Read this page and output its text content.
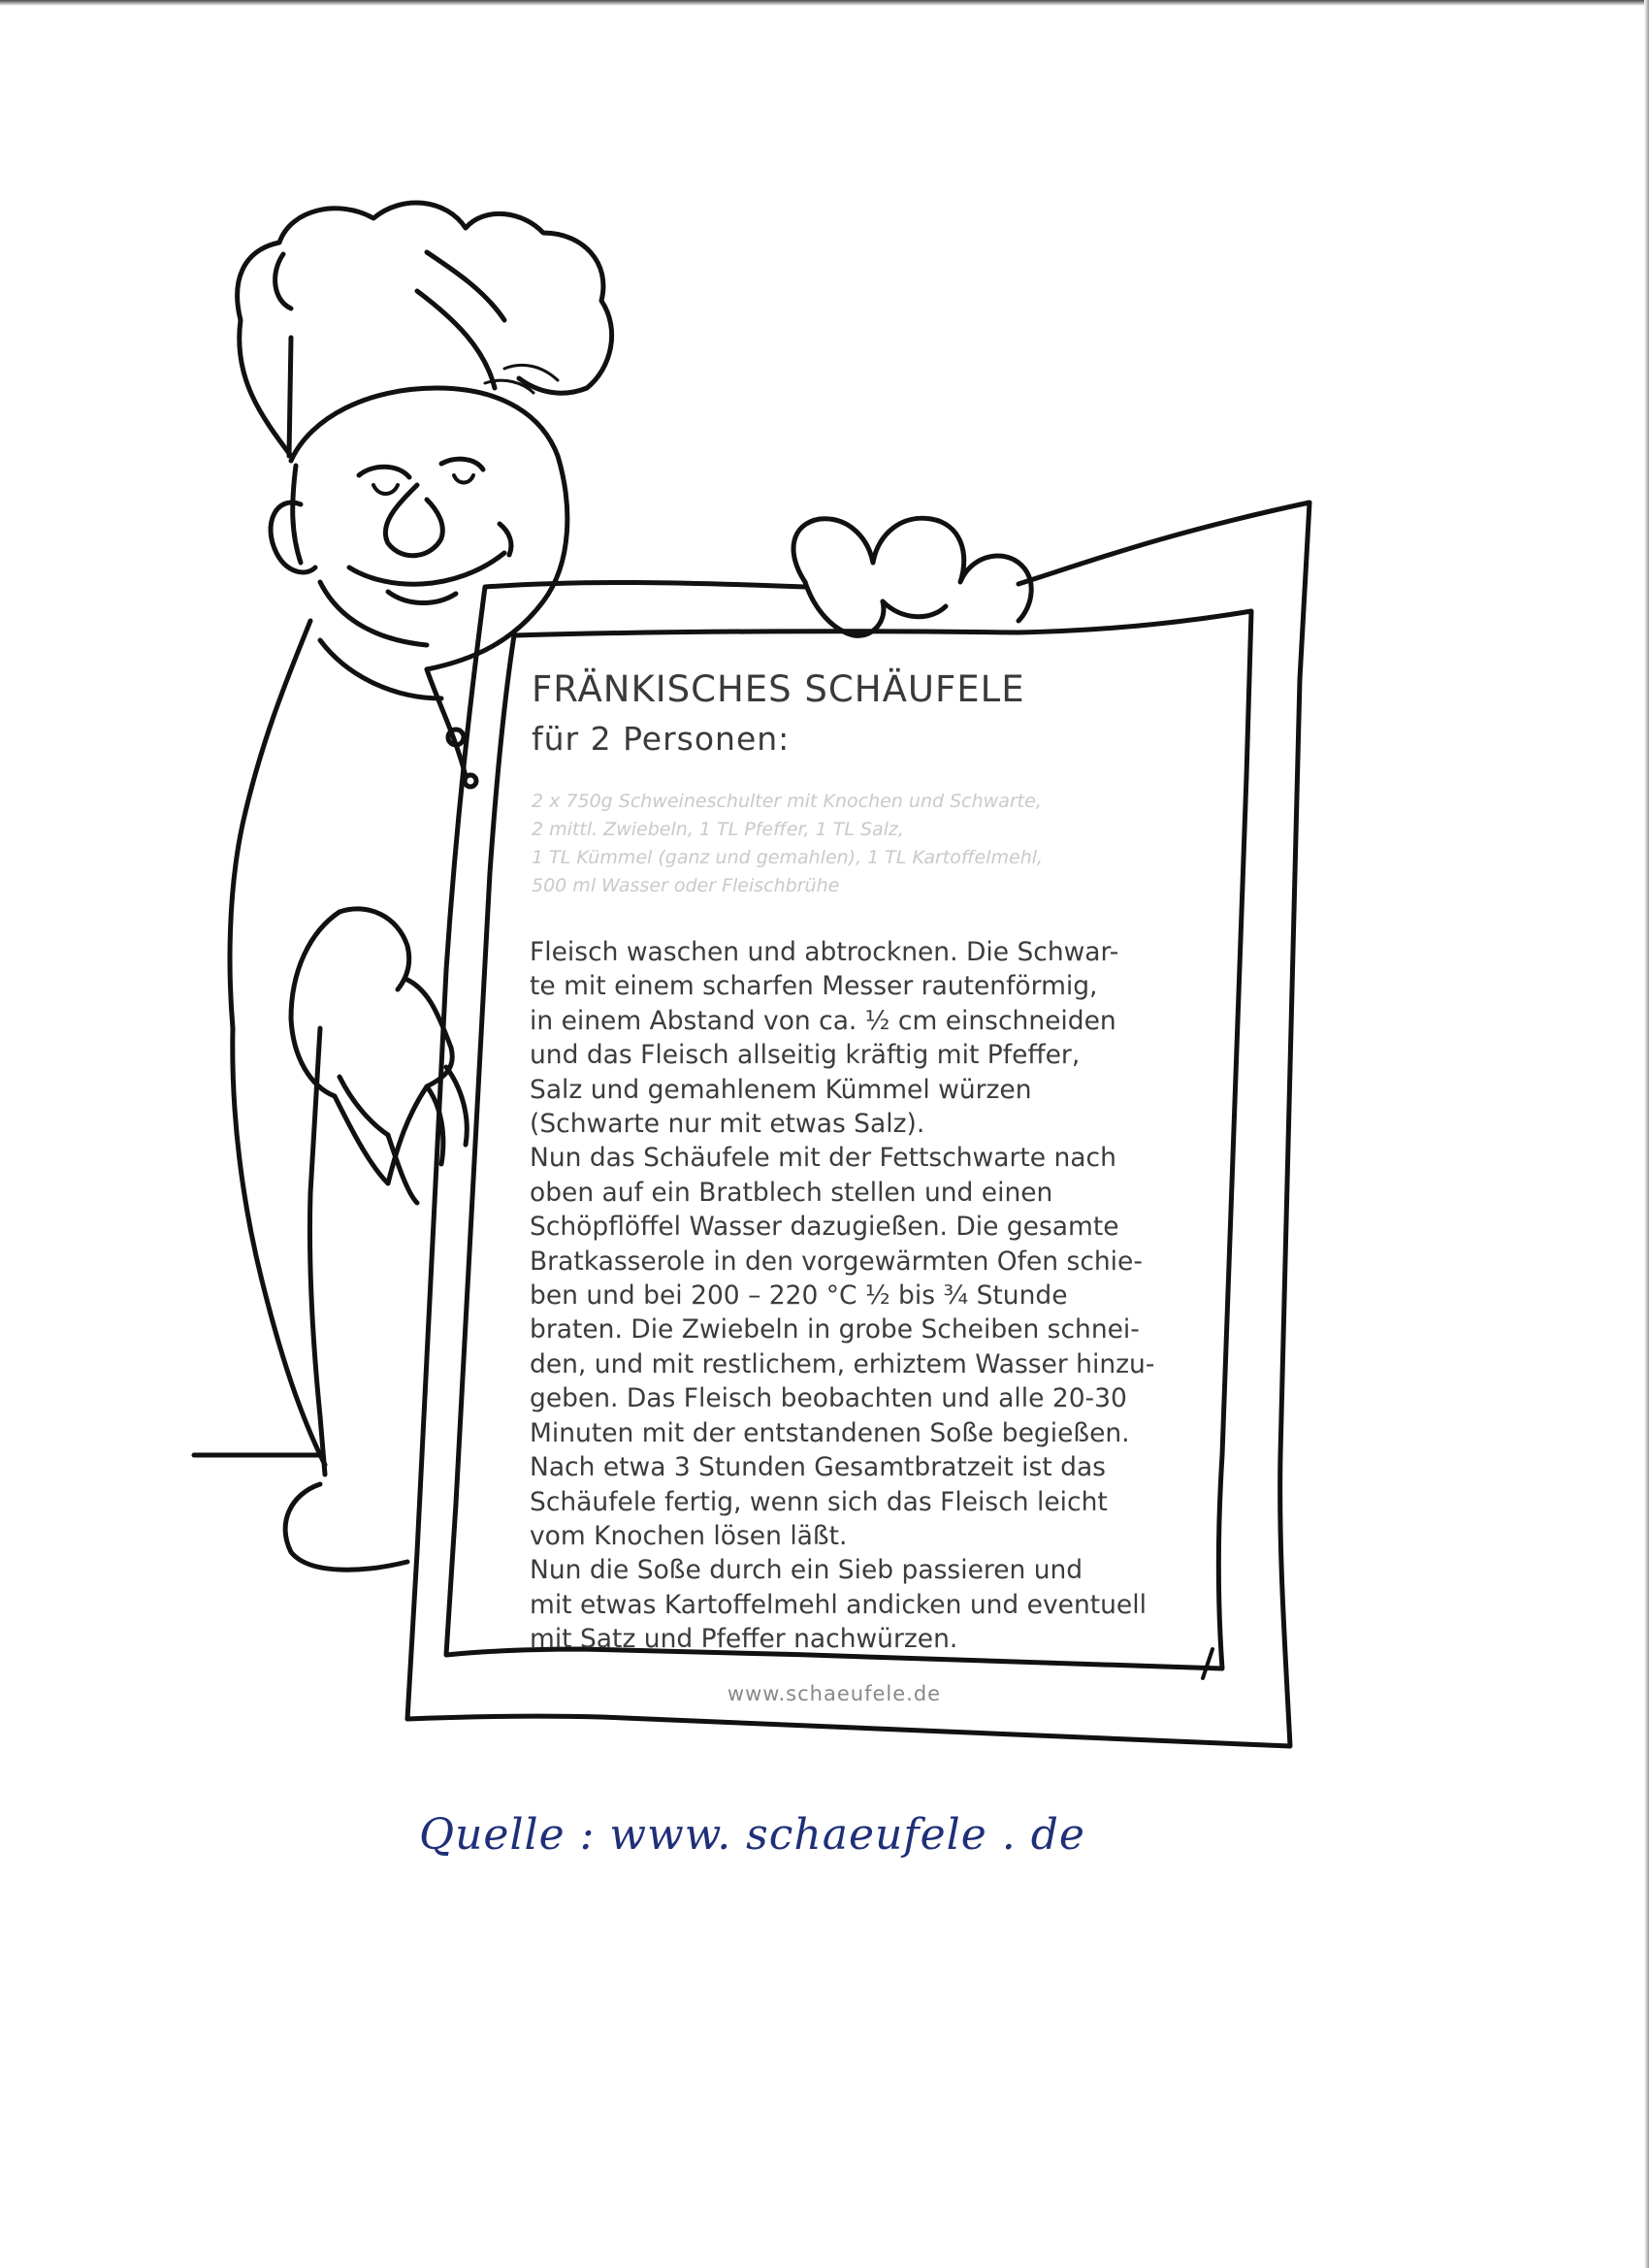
FRÄNKISCHES SCHÄUFELE
für 2 Personen:
2 x 750g Schweineschulter mit Knochen und Schwarte,
2 mittl. Zwiebeln, 1 TL Pfeffer, 1 TL Salz,
1 TL Kümmel (ganz und gemahlen), 1 TL Kartoffelmehl,
500 ml Wasser oder Fleischbrühe
Fleisch waschen und abtrocknen. Die Schwar-
te mit einem scharfen Messer rautenförmig,
in einem Abstand von ca. ½ cm einschneiden
und das Fleisch allseitig kräftig mit Pfeffer,
Salz und gemahlenem Kümmel würzen
(Schwarte nur mit etwas Salz).
Nun das Schäufele mit der Fettschwarte nach
oben auf ein Bratblech stellen und einen
Schöpflöffel Wasser dazugießen. Die gesamte
Bratkasserole in den vorgewärmten Ofen schie-
ben und bei 200 – 220 °C ½ bis ¾ Stunde
braten. Die Zwiebeln in grobe Scheiben schnei-
den, und mit restlichem, erhiztem Wasser hinzu-
geben. Das Fleisch beobachten und alle 20-30
Minuten mit der entstandenen Soße begießen.
Nach etwa 3 Stunden Gesamtbratzeit ist das
Schäufele fertig, wenn sich das Fleisch leicht
vom Knochen lösen läßt.
Nun die Soße durch ein Sieb passieren und
mit etwas Kartoffelmehl andicken und eventuell
mit Satz und Pfeffer nachwürzen.
www.schaeufele.de
Quelle : www. schaeufele . de
